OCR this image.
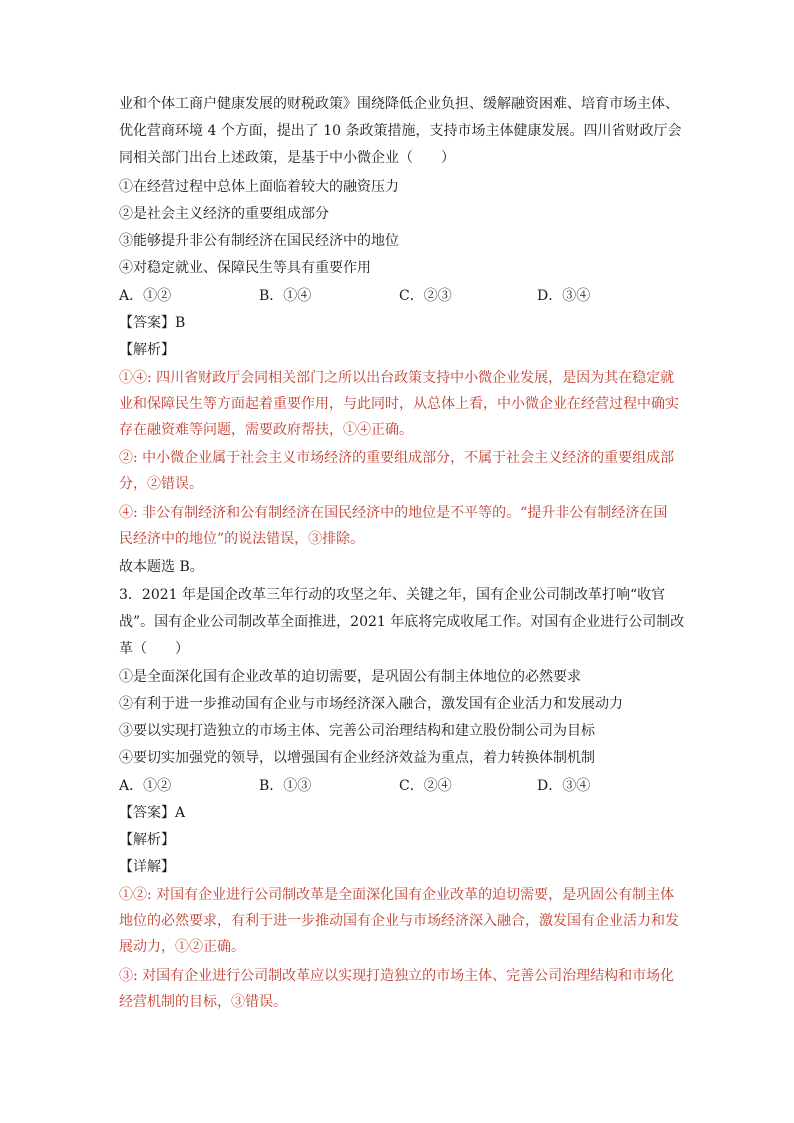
业和个体工商户健康发展的财税政策》围绕降低企业负担、缓解融资困难、培育市场主体、
优化营商环境 4 个方面，提出了 10 条政策措施，支持市场主体健康发展。四川省财政厅会
同相关部门出台上述政策，是基于中小微企业（　　）
①在经营过程中总体上面临着较大的融资压力
②是社会主义经济的重要组成部分
③能够提升非公有制经济在国民经济中的地位
④对稳定就业、保障民生等具有重要作用
A．①②	B．①④	C．②③	D．③④
【答案】B
【解析】
①④: 四川省财政厅会同相关部门之所以出台政策支持中小微企业发展，是因为其在稳定就
业和保障民生等方面起着重要作用，与此同时，从总体上看，中小微企业在经营过程中确实
存在融资难等问题，需要政府帮扶，①④正确。
②: 中小微企业属于社会主义市场经济的重要组成部分，不属于社会主义经济的重要组成部
分，②错误。
④: 非公有制经济和公有制经济在国民经济中的地位是不平等的。“提升非公有制经济在国
民经济中的地位”的说法错误，③排除。
故本题选 B。
3．2021 年是国企改革三年行动的攻坚之年、关键之年，国有企业公司制改革打响“收官
战”。国有企业公司制改革全面推进，2021 年底将完成收尾工作。对国有企业进行公司制改
革（　　）
①是全面深化国有企业改革的迫切需要，是巩固公有制主体地位的必然要求
②有利于进一步推动国有企业与市场经济深入融合，激发国有企业活力和发展动力
③要以实现打造独立的市场主体、完善公司治理结构和建立股份制公司为目标
④要切实加强党的领导，以增强国有企业经济效益为重点，着力转换体制机制
A．①②	B．①③	C．②④	D．③④
【答案】A
【解析】
【详解】
①②: 对国有企业进行公司制改革是全面深化国有企业改革的迫切需要，是巩固公有制主体
地位的必然要求，有利于进一步推动国有企业与市场经济深入融合，激发国有企业活力和发
展动力，①②正确。
③: 对国有企业进行公司制改革应以实现打造独立的市场主体、完善公司治理结构和市场化
经营机制的目标，③错误。
